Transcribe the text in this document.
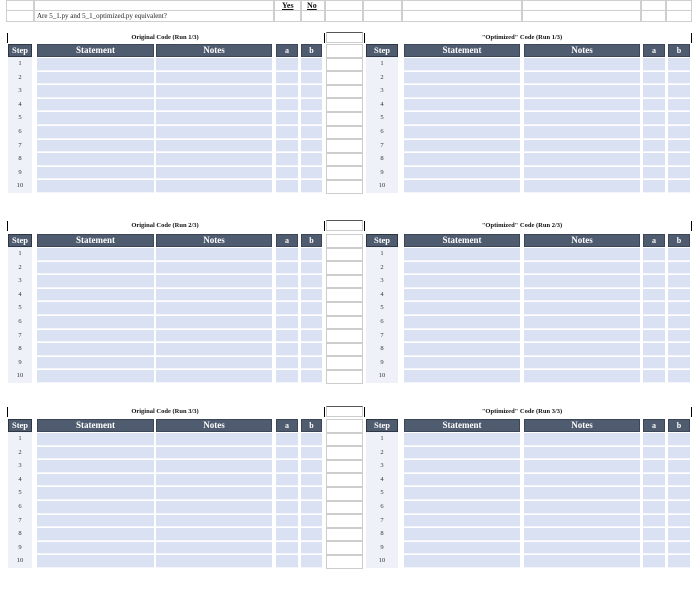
Are 5_1.py and 5_1_optimized.py equivalent?
Yes No
Original Code (Run 1/3)	"Optimized" Code (Run 1/3)
Step	Statement	Notes	a	b
1
2
3
4
5
6
7
8
9
10
Step	Statement	Notes	a	b
1
2
3
4
5
6
7
8
9
10
Original Code (Run 2/3)	"Optimized" Code (Run 2/3)
Step	Statement	Notes	a	b
1
2
3
4
5
6
7
8
9
10
Step	Statement	Notes	a	b
1
2
3
4
5
6
7
8
9
10
Original Code (Run 3/3)	"Optimized" Code (Run 3/3)
Step	Statement	Notes	a	b
1
2
3
4
5
6
7
8
9
10
Step	Statement	Notes	a	b
1
2
3
4
5
6
7
8
9
10
